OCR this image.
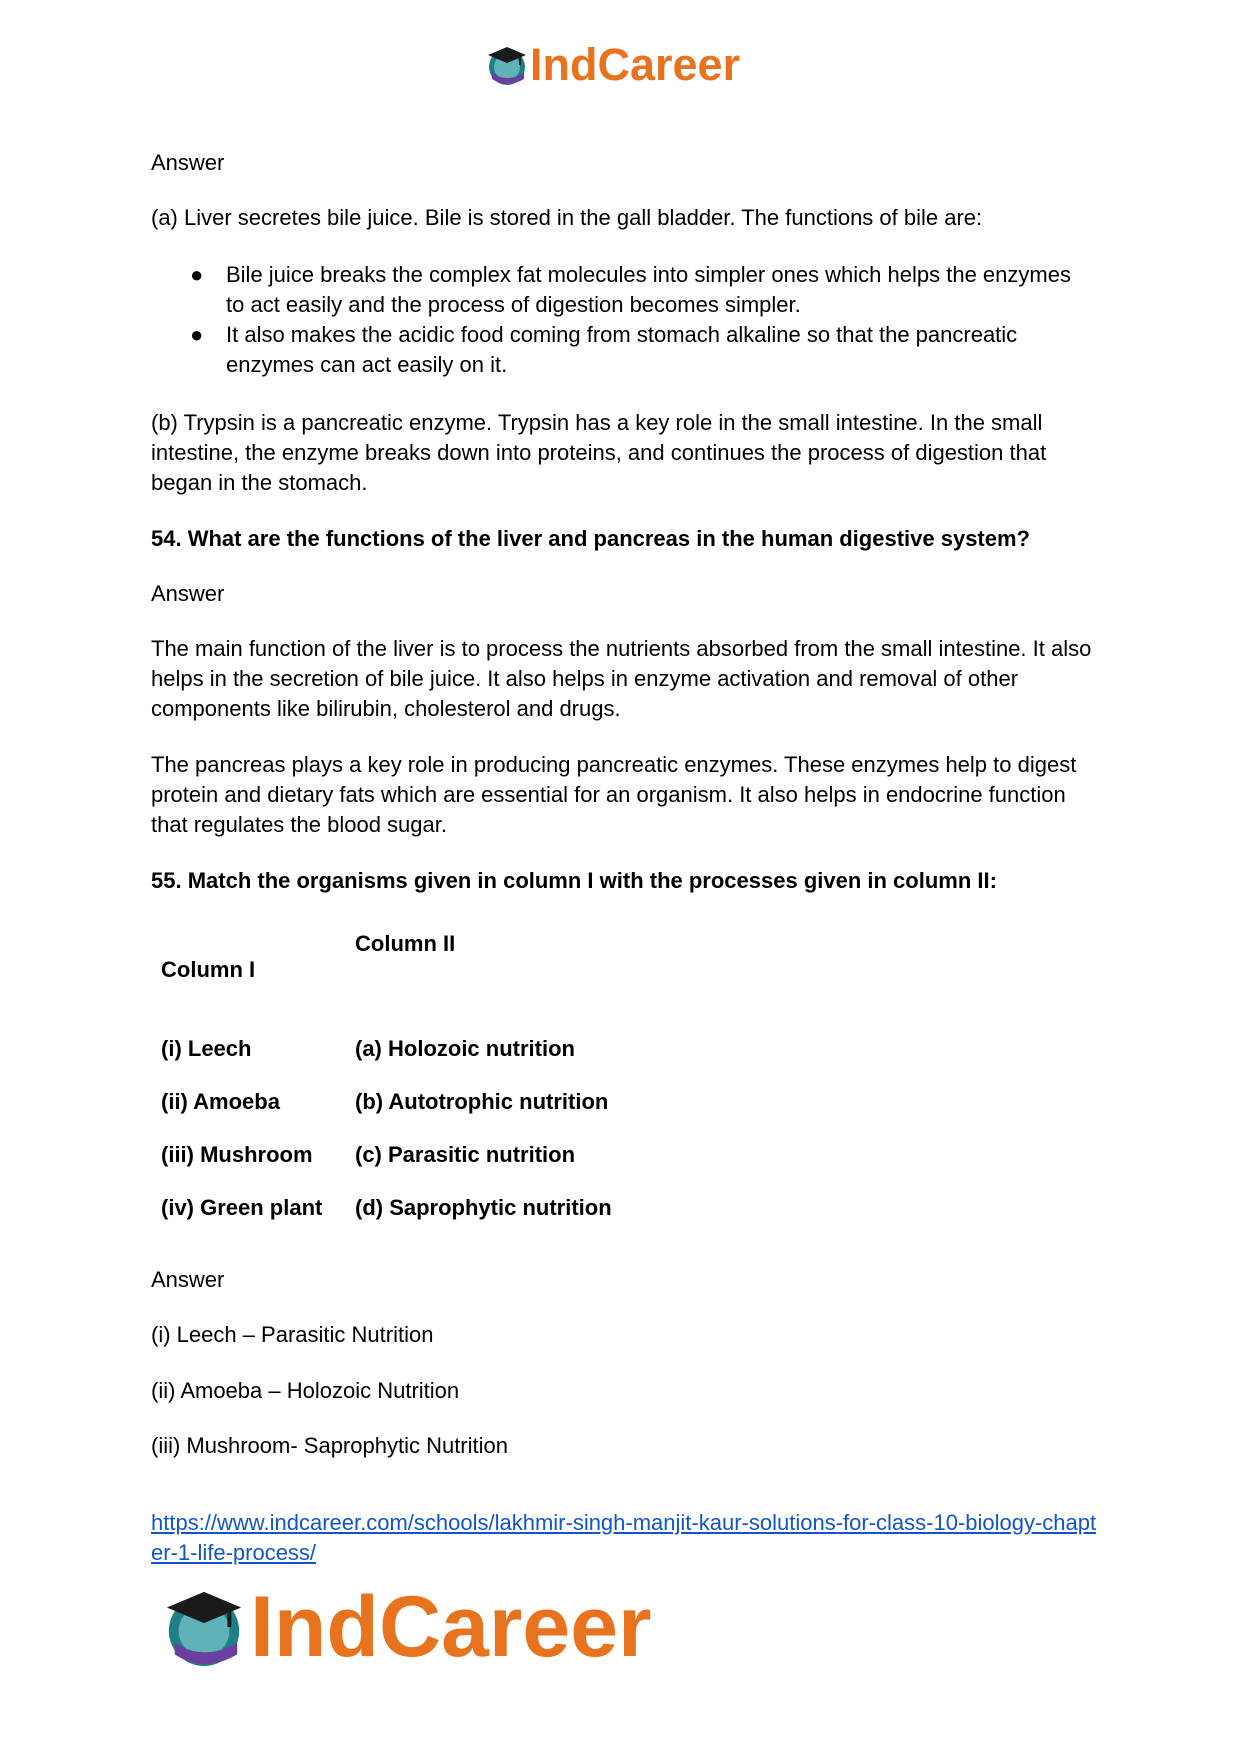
IndCareer

Answer

(a) Liver secretes bile juice. Bile is stored in the gall bladder. The functions of bile are:

● Bile juice breaks the complex fat molecules into simpler ones which helps the enzymes to act easily and the process of digestion becomes simpler.
● It also makes the acidic food coming from stomach alkaline so that the pancreatic enzymes can act easily on it.

(b) Trypsin is a pancreatic enzyme. Trypsin has a key role in the small intestine. In the small intestine, the enzyme breaks down into proteins, and continues the process of digestion that began in the stomach.

54. What are the functions of the liver and pancreas in the human digestive system?

Answer

The main function of the liver is to process the nutrients absorbed from the small intestine. It also helps in the secretion of bile juice. It also helps in enzyme activation and removal of other components like bilirubin, cholesterol and drugs.

The pancreas plays a key role in producing pancreatic enzymes. These enzymes help to digest protein and dietary fats which are essential for an organism. It also helps in endocrine function that regulates the blood sugar.

55. Match the organisms given in column I with the processes given in column II:

Column I
Column II
(i) Leech	(a) Holozoic nutrition
(ii) Amoeba	(b) Autotrophic nutrition
(iii) Mushroom (c) Parasitic nutrition
(iv) Green plant (d) Saprophytic nutrition

Answer

(i) Leech – Parasitic Nutrition

(ii) Amoeba – Holozoic Nutrition

(iii) Mushroom- Saprophytic Nutrition

https://www.indcareer.com/schools/lakhmir-singh-manjit-kaur-solutions-for-class-10-biology-chapter-1-life-process/
IndCareer
